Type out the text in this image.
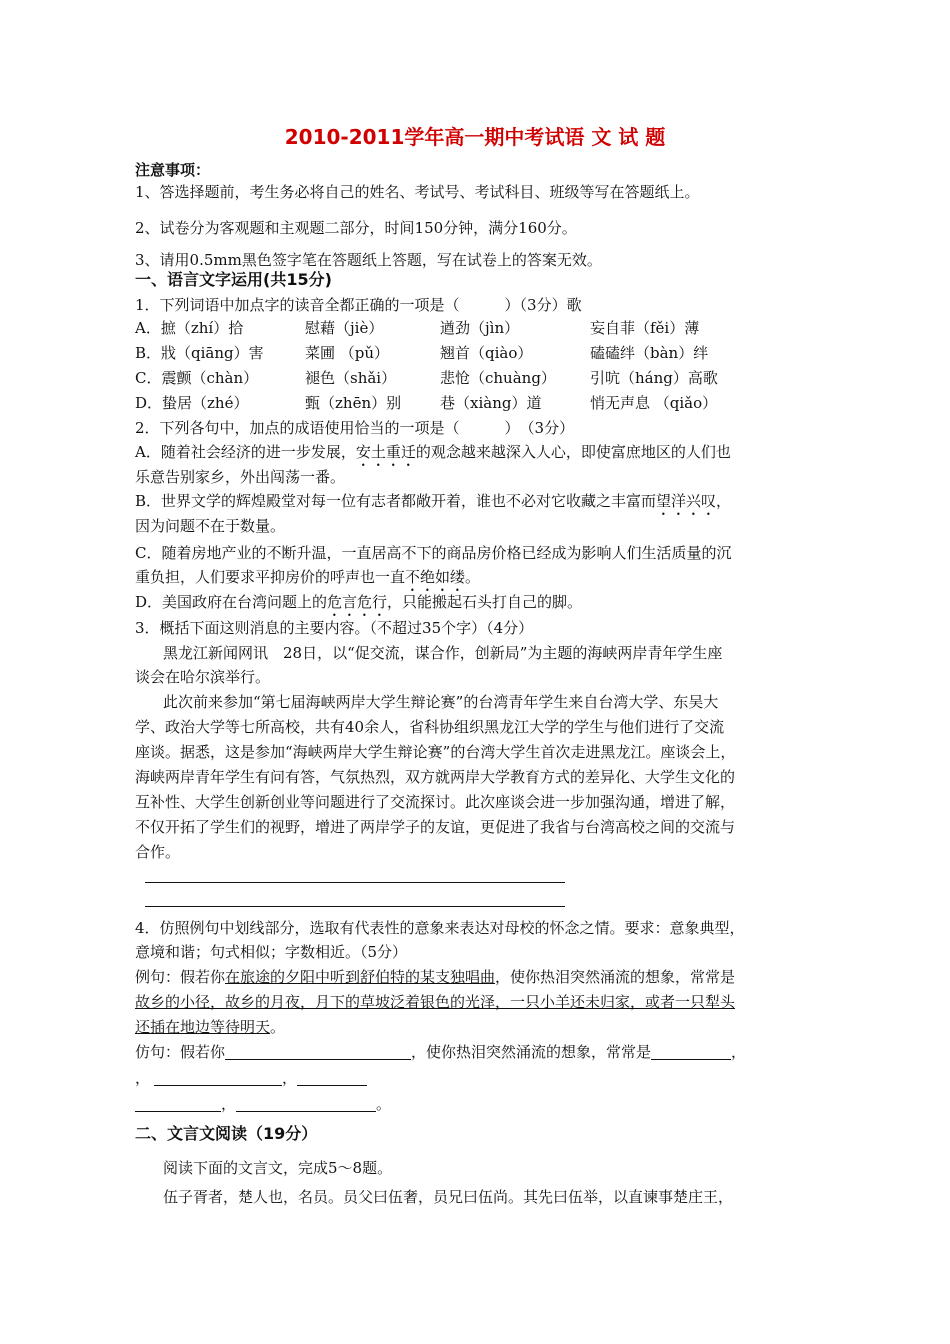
2010-2011学年高一期中考试语 文 试 题
注意事项：
1、答选择题前，考生务必将自己的姓名、考试号、考试科目、班级等写在答题纸上。
2、试卷分为客观题和主观题二部分，时间150分钟，满分160分。
3、请用0.5mm黑色签字笔在答题纸上答题，写在试卷上的答案无效。
一、语言文字运用(共15分)
1．下列词语中加点字的读音全都正确的一项是（　　　）（3分）歌
A．摭（zhí）拾	慰藉（jiè）	遒劲（jìn）	妄自菲（fěi）薄
B．戕（qiāng）害	菜圃 （pǔ）	翘首（qiào）	磕磕绊（bàn）绊
C．震颤（chàn）	褪色（shǎi）	悲怆（chuàng） 引吭（háng）高歌
D．蛰居（zhé）	甄（zhēn）别	巷（xiàng）道	悄无声息 （qiǎo）
2．下列各句中，加点的成语使用恰当的一项是（　　　）　（3分）
A．随着社会经济的进一步发展，安土重迁的观念越来越深入人心，即使富庶地区的人们也
乐意告别家乡，外出闯荡一番。
B．世界文学的辉煌殿堂对每一位有志者都敞开着，谁也不必对它收藏之丰富而望洋兴叹，
因为问题不在于数量。
C．随着房地产业的不断升温，一直居高不下的商品房价格已经成为影响人们生活质量的沉
重负担，人们要求平抑房价的呼声也一直不绝如缕。
D．美国政府在台湾问题上的危言危行，只能搬起石头打自己的脚。
3．概括下面这则消息的主要内容。（不超过35个字）（4分）
黑龙江新闻网讯　28日，以“促交流，谋合作，创新局”为主题的海峡两岸青年学生座
谈会在哈尔滨举行。
此次前来参加“第七届海峡两岸大学生辩论赛”的台湾青年学生来自台湾大学、东吴大
学、政治大学等七所高校，共有40余人，省科协组织黑龙江大学的学生与他们进行了交流
座谈。据悉，这是参加“海峡两岸大学生辩论赛”的台湾大学生首次走进黑龙江。座谈会上，
海峡两岸青年学生有问有答，气氛热烈，双方就两岸大学教育方式的差异化、大学生文化的
互补性、大学生创新创业等问题进行了交流探讨。此次座谈会进一步加强沟通，增进了解，
不仅开拓了学生们的视野，增进了两岸学子的友谊，更促进了我省与台湾高校之间的交流与
合作。
4．仿照例句中划线部分，选取有代表性的意象来表达对母校的怀念之情。要求：意象典型，
意境和谐；句式相似；字数相近。（5分）
例句：假若你在旅途的夕阳中听到舒伯特的某支独唱曲，使你热泪突然涌流的想象，常常是
故乡的小径，故乡的月夜，月下的草坡泛着银色的光泽，一只小羊还未归家，或者一只犁头
还插在地边等待明天。
仿句：假若你	，使你热泪突然涌流的想象，常常是	，
，	，
，	。
二、文言文阅读（19分）
阅读下面的文言文，完成5～8题。
伍子胥者，楚人也，名员。员父曰伍奢，员兄曰伍尚。其先曰伍举，以直谏事楚庄王，
